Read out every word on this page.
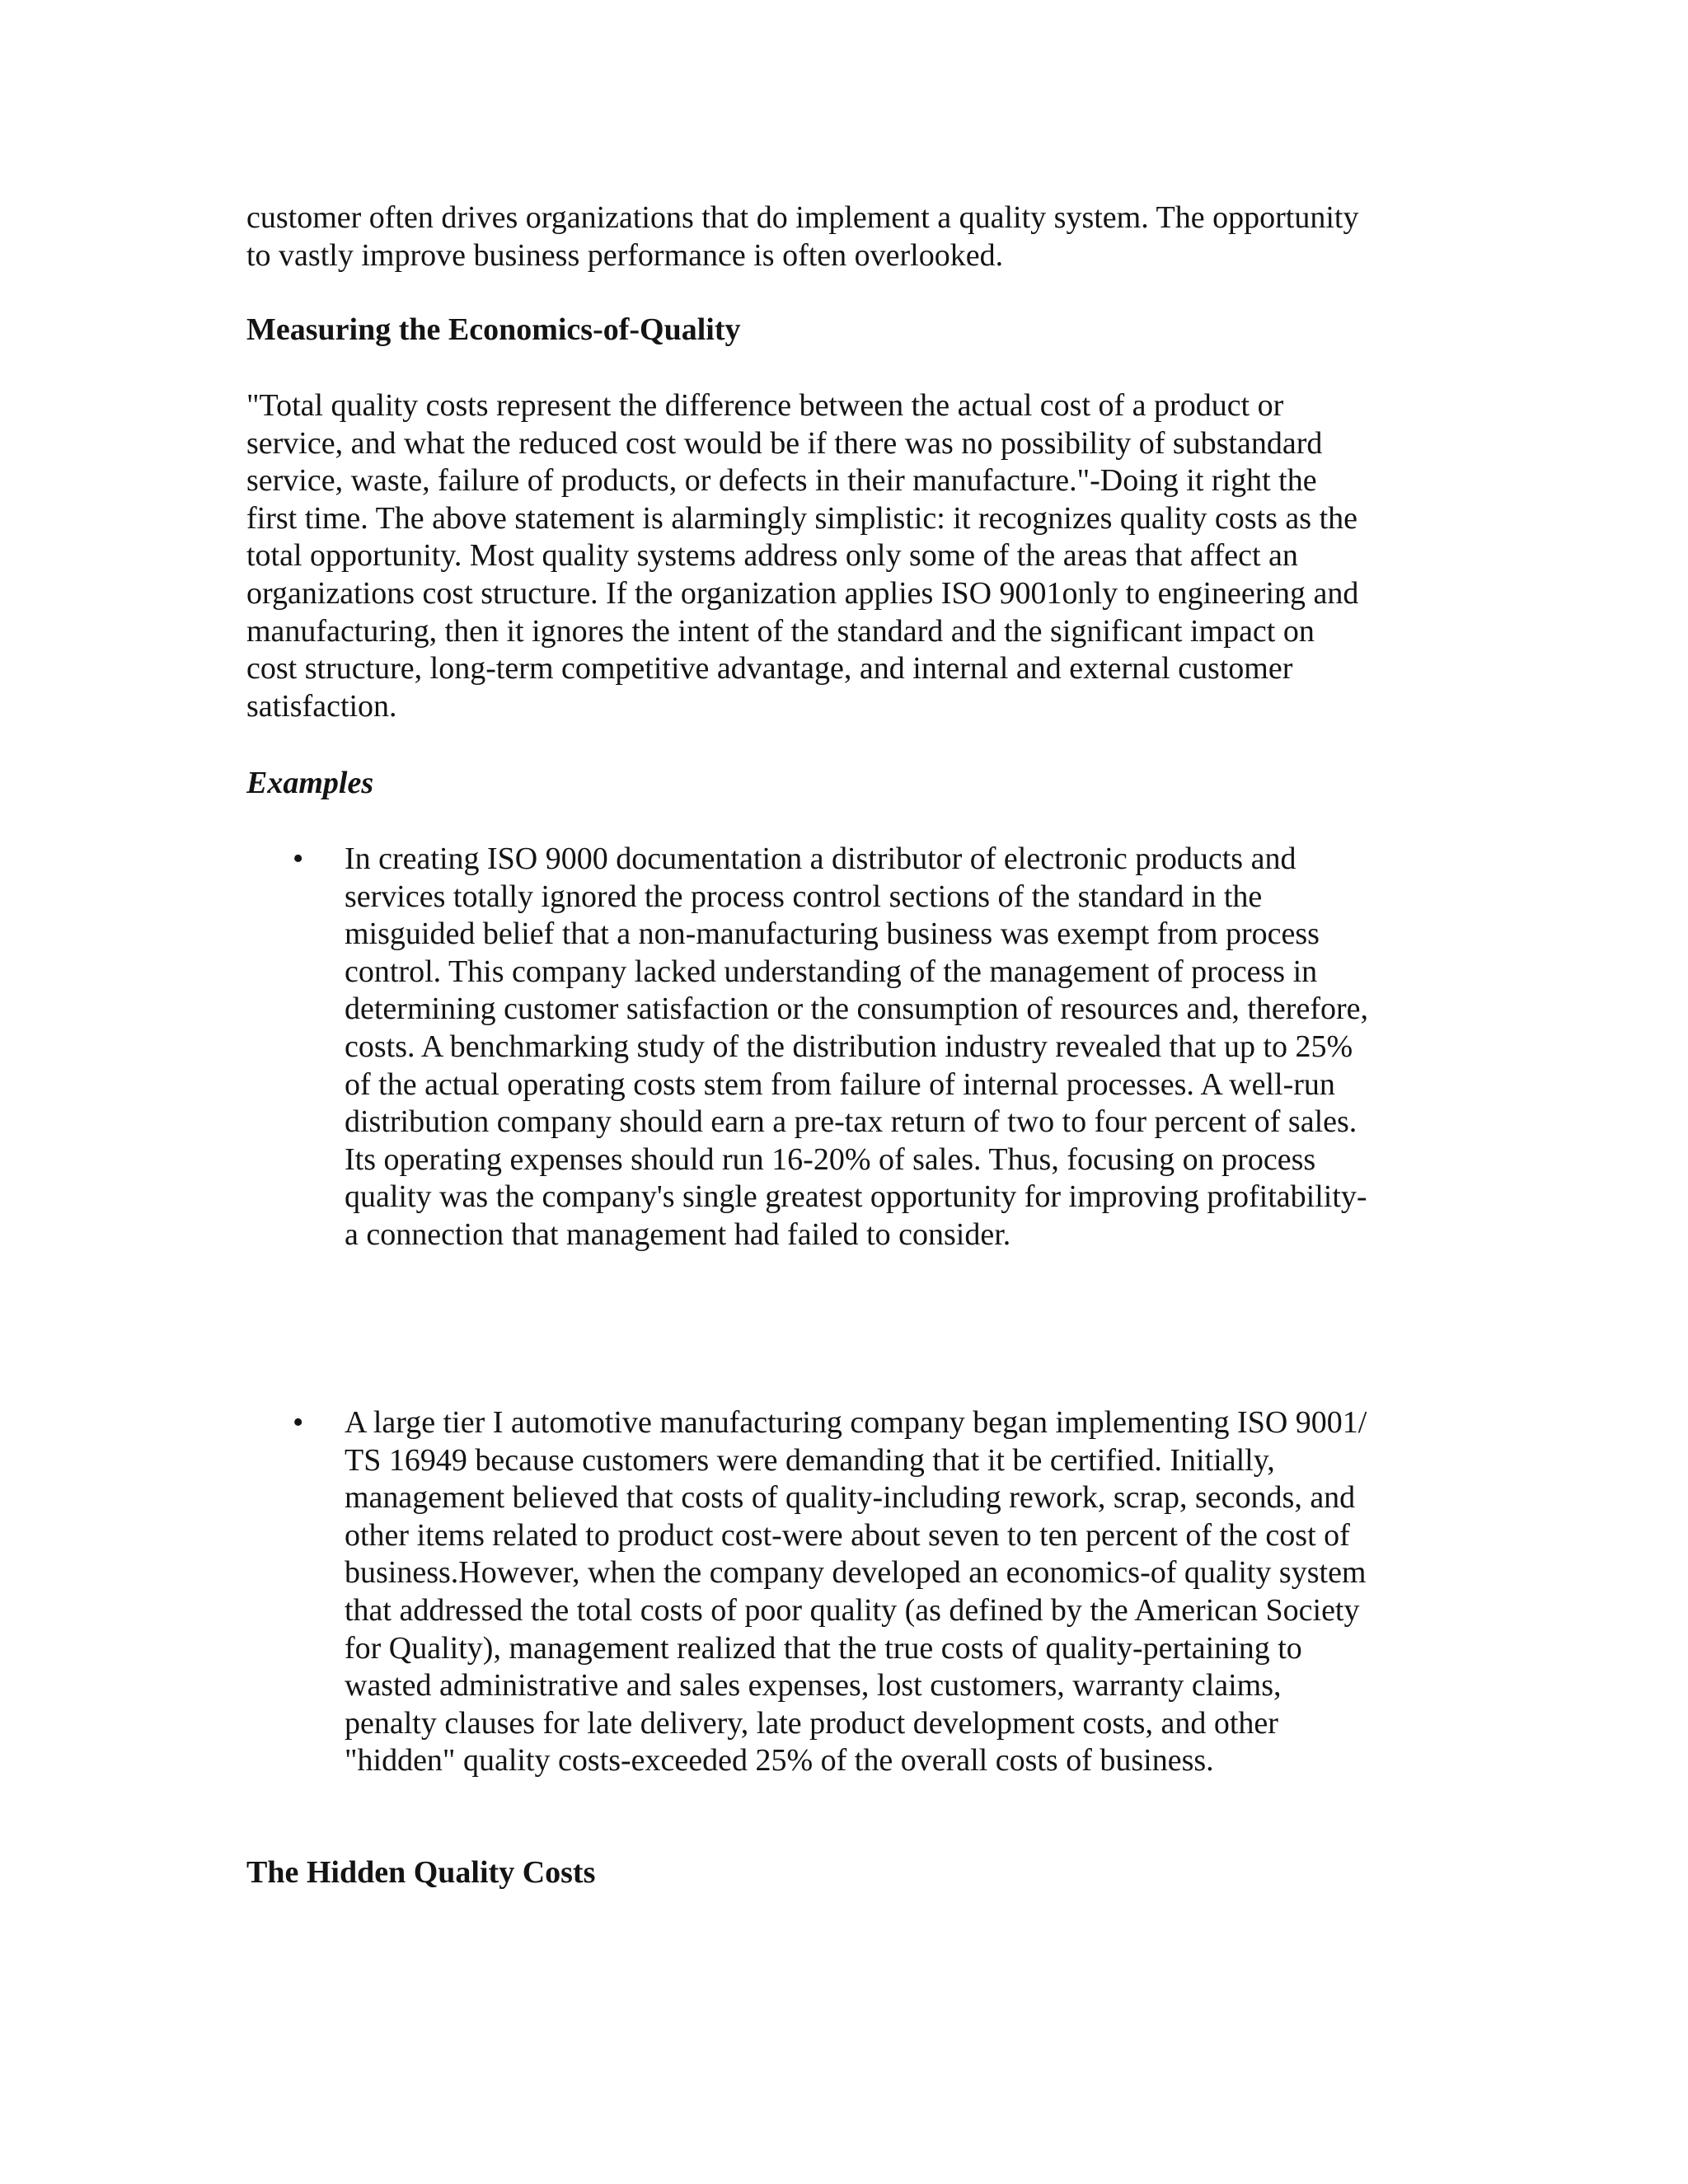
customer often drives organizations that do implement a quality system. The opportunity
to vastly improve business performance is often overlooked.

Measuring the Economics-of-Quality

"Total quality costs represent the difference between the actual cost of a product or
service, and what the reduced cost would be if there was no possibility of substandard
service, waste, failure of products, or defects in their manufacture."-Doing it right the
first time. The above statement is alarmingly simplistic: it recognizes quality costs as the
total opportunity. Most quality systems address only some of the areas that affect an
organizations cost structure. If the organization applies ISO 9001only to engineering and
manufacturing, then it ignores the intent of the standard and the significant impact on
cost structure, long-term competitive advantage, and internal and external customer
satisfaction.

Examples
• In creating ISO 9000 documentation a distributor of electronic products and
services totally ignored the process control sections of the standard in the
misguided belief that a non-manufacturing business was exempt from process
control. This company lacked understanding of the management of process in
determining customer satisfaction or the consumption of resources and, therefore,
costs. A benchmarking study of the distribution industry revealed that up to 25%
of the actual operating costs stem from failure of internal processes. A well-run
distribution company should earn a pre-tax return of two to four percent of sales.
Its operating expenses should run 16-20% of sales. Thus, focusing on process
quality was the company's single greatest opportunity for improving profitability-
a connection that management had failed to consider.

• A large tier I automotive manufacturing company began implementing ISO 9001/
TS 16949 because customers were demanding that it be certified. Initially,
management believed that costs of quality-including rework, scrap, seconds, and
other items related to product cost-were about seven to ten percent of the cost of
business.However, when the company developed an economics-of quality system
that addressed the total costs of poor quality (as defined by the American Society
for Quality), management realized that the true costs of quality-pertaining to
wasted administrative and sales expenses, lost customers, warranty claims,
penalty clauses for late delivery, late product development costs, and other
"hidden" quality costs-exceeded 25% of the overall costs of business.

The Hidden Quality Costs
